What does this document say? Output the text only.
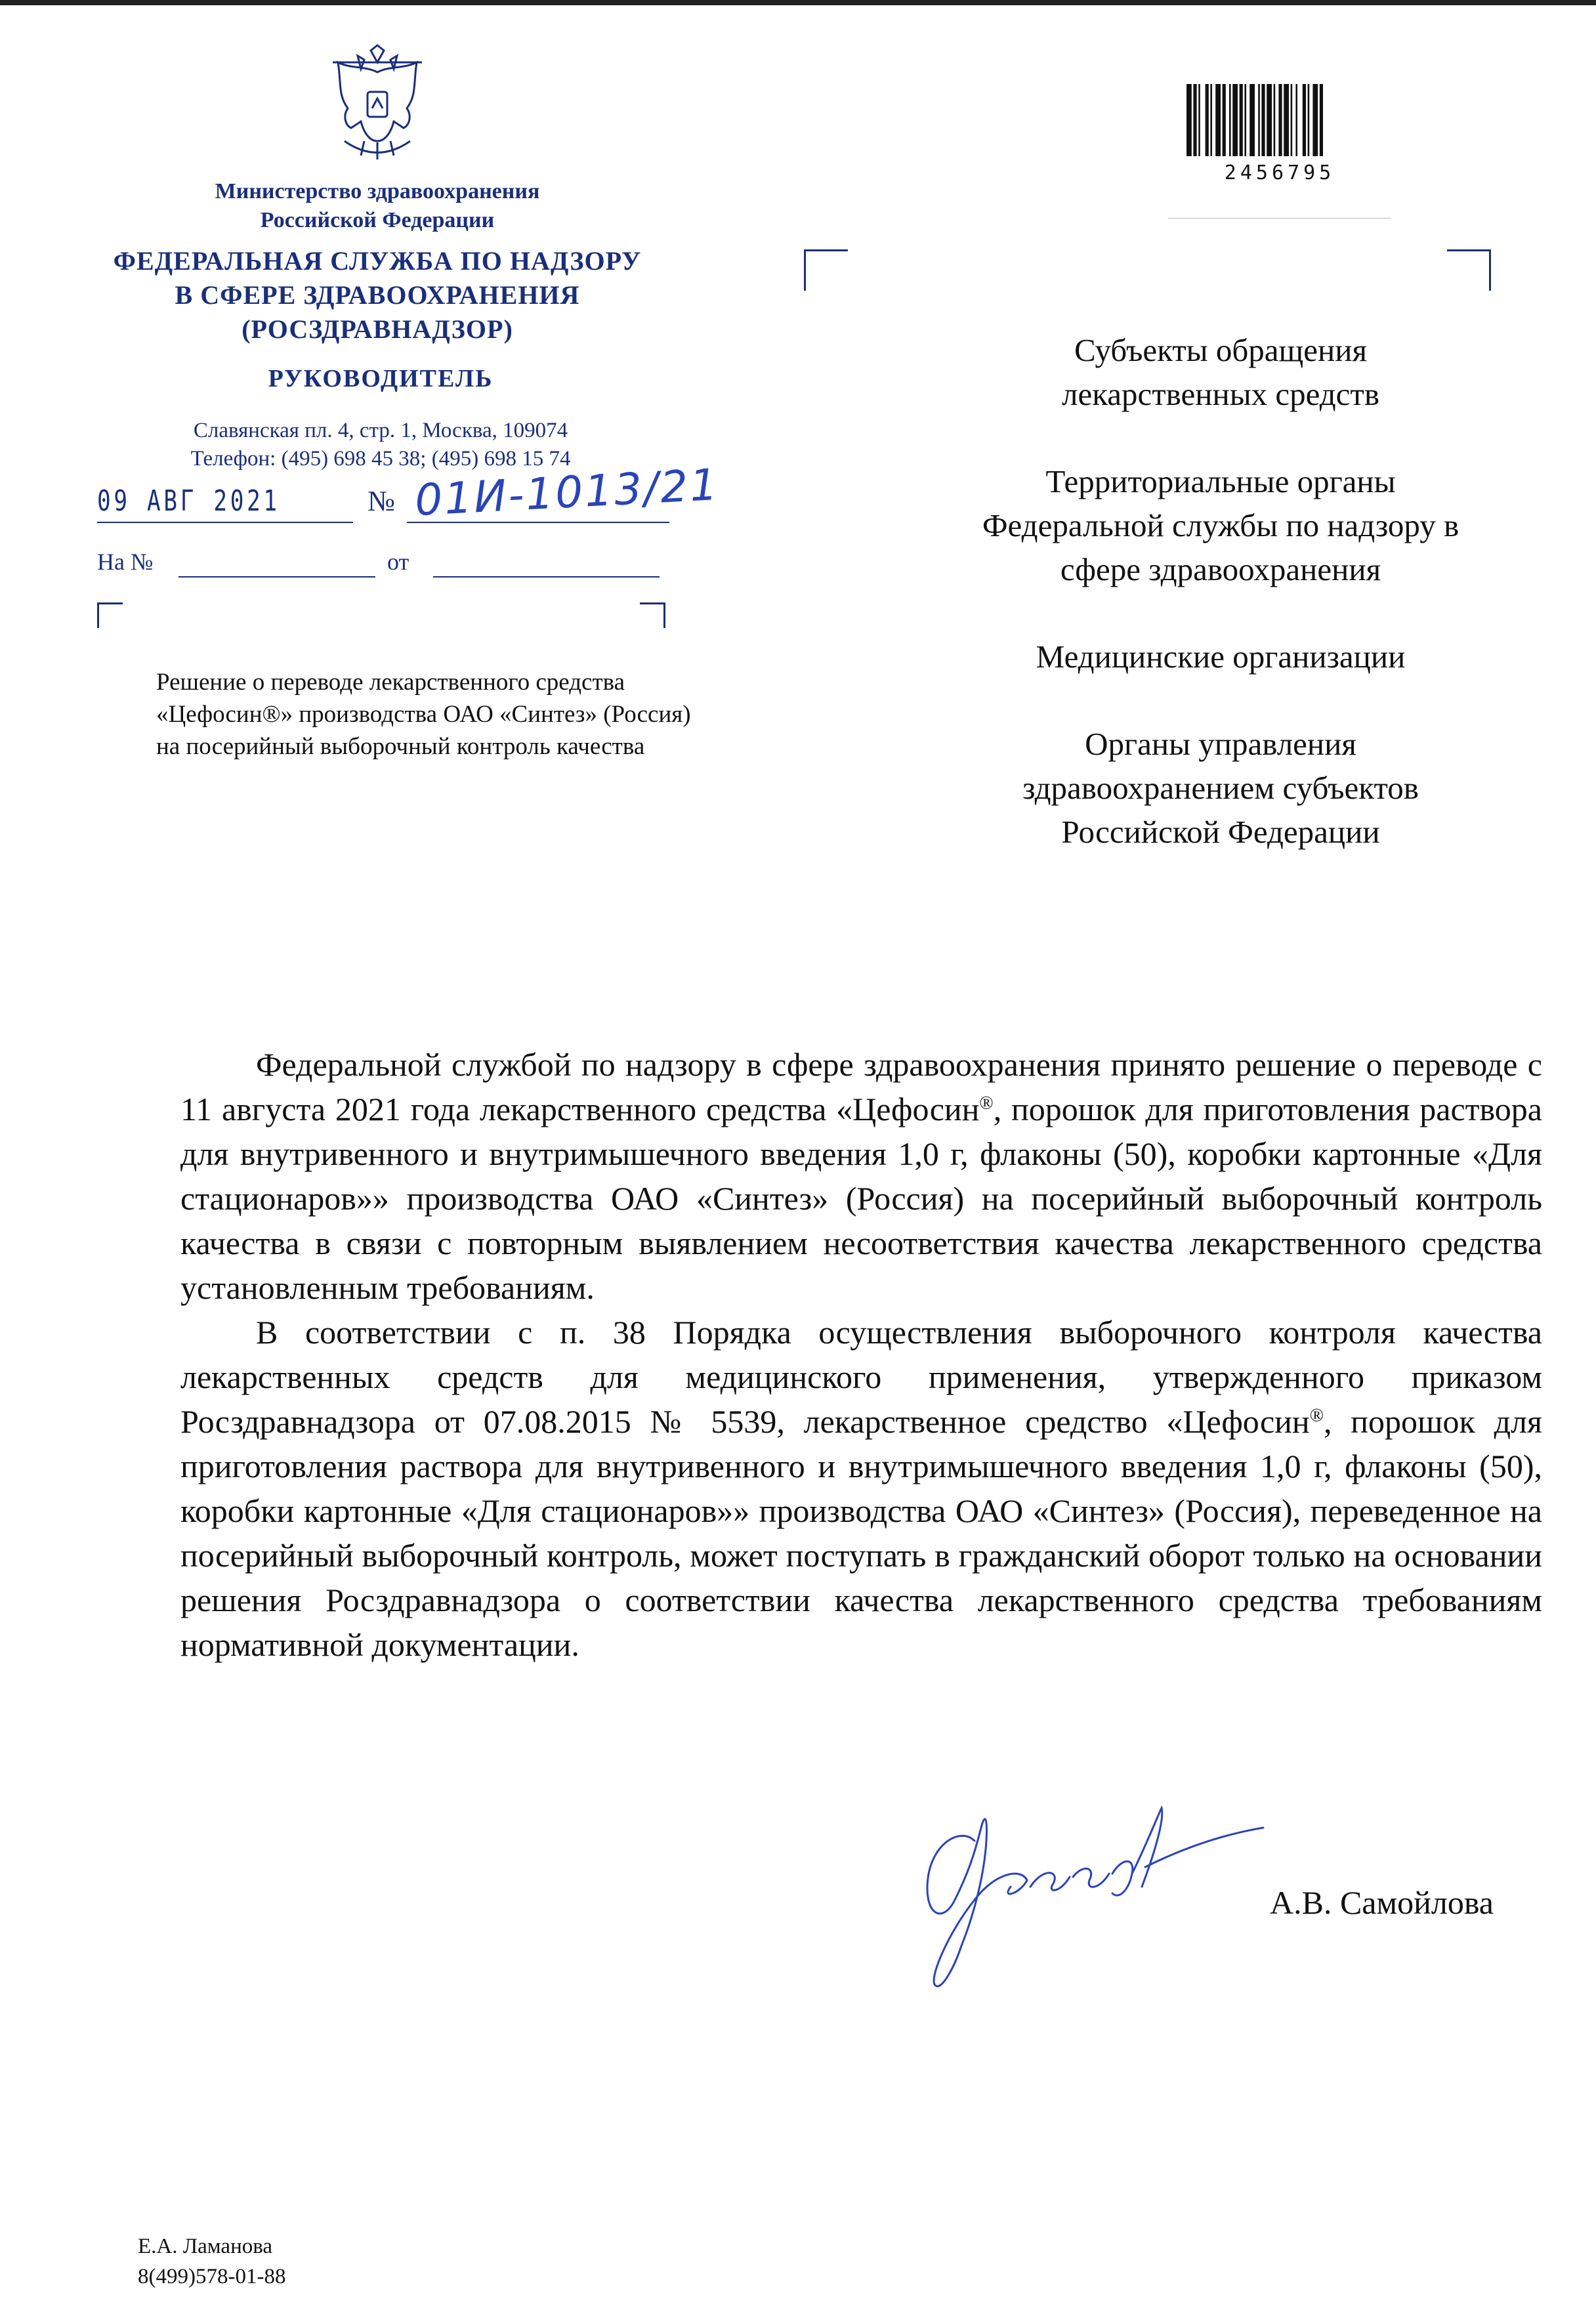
Министерство здравоохранения
Российской Федерации
ФЕДЕРАЛЬНАЯ СЛУЖБА ПО НАДЗОРУ
В СФЕРЕ ЗДРАВООХРАНЕНИЯ
(РОСЗДРАВНАДЗОР)
РУКОВОДИТЕЛЬ
Славянская пл. 4, стр. 1, Москва, 109074
Телефон: (495) 698 45 38; (495) 698 15 74
09 АВГ 2021	№ 01И-1013/21
На №	от
Решение о переводе лекарственного средства «Цефосин®» производства ОАО «Синтез» (Россия) на посерийный выборочный контроль качества
2456795
Субъекты обращения
лекарственных средств
Территориальные органы
Федеральной службы по надзору в
сфере здравоохранения
Медицинские организации
Органы управления
здравоохранением субъектов
Российской Федерации

Федеральной службой по надзору в сфере здравоохранения принято решение о переводе с 11 августа 2021 года лекарственного средства «Цефосин®, порошок для приготовления раствора для внутривенного и внутримышечного введения 1,0 г, флаконы (50), коробки картонные «Для стационаров»» производства ОАО «Синтез» (Россия) на посерийный выборочный контроль качества в связи с повторным выявлением несоответствия качества лекарственного средства установленным требованиям.

В соответствии с п. 38 Порядка осуществления выборочного контроля качества лекарственных средств для медицинского применения, утвержденного приказом Росздравнадзора от 07.08.2015 № 5539, лекарственное средство «Цефосин®, порошок для приготовления раствора для внутривенного и внутримышечного введения 1,0 г, флаконы (50), коробки картонные «Для стационаров»» производства ОАО «Синтез» (Россия), переведенное на посерийный выборочный контроль, может поступать в гражданский оборот только на основании решения Росздравнадзора о соответствии качества лекарственного средства требованиям нормативной документации.

А.В. Самойлова
Е.А. Ламанова
8(499)578-01-88
